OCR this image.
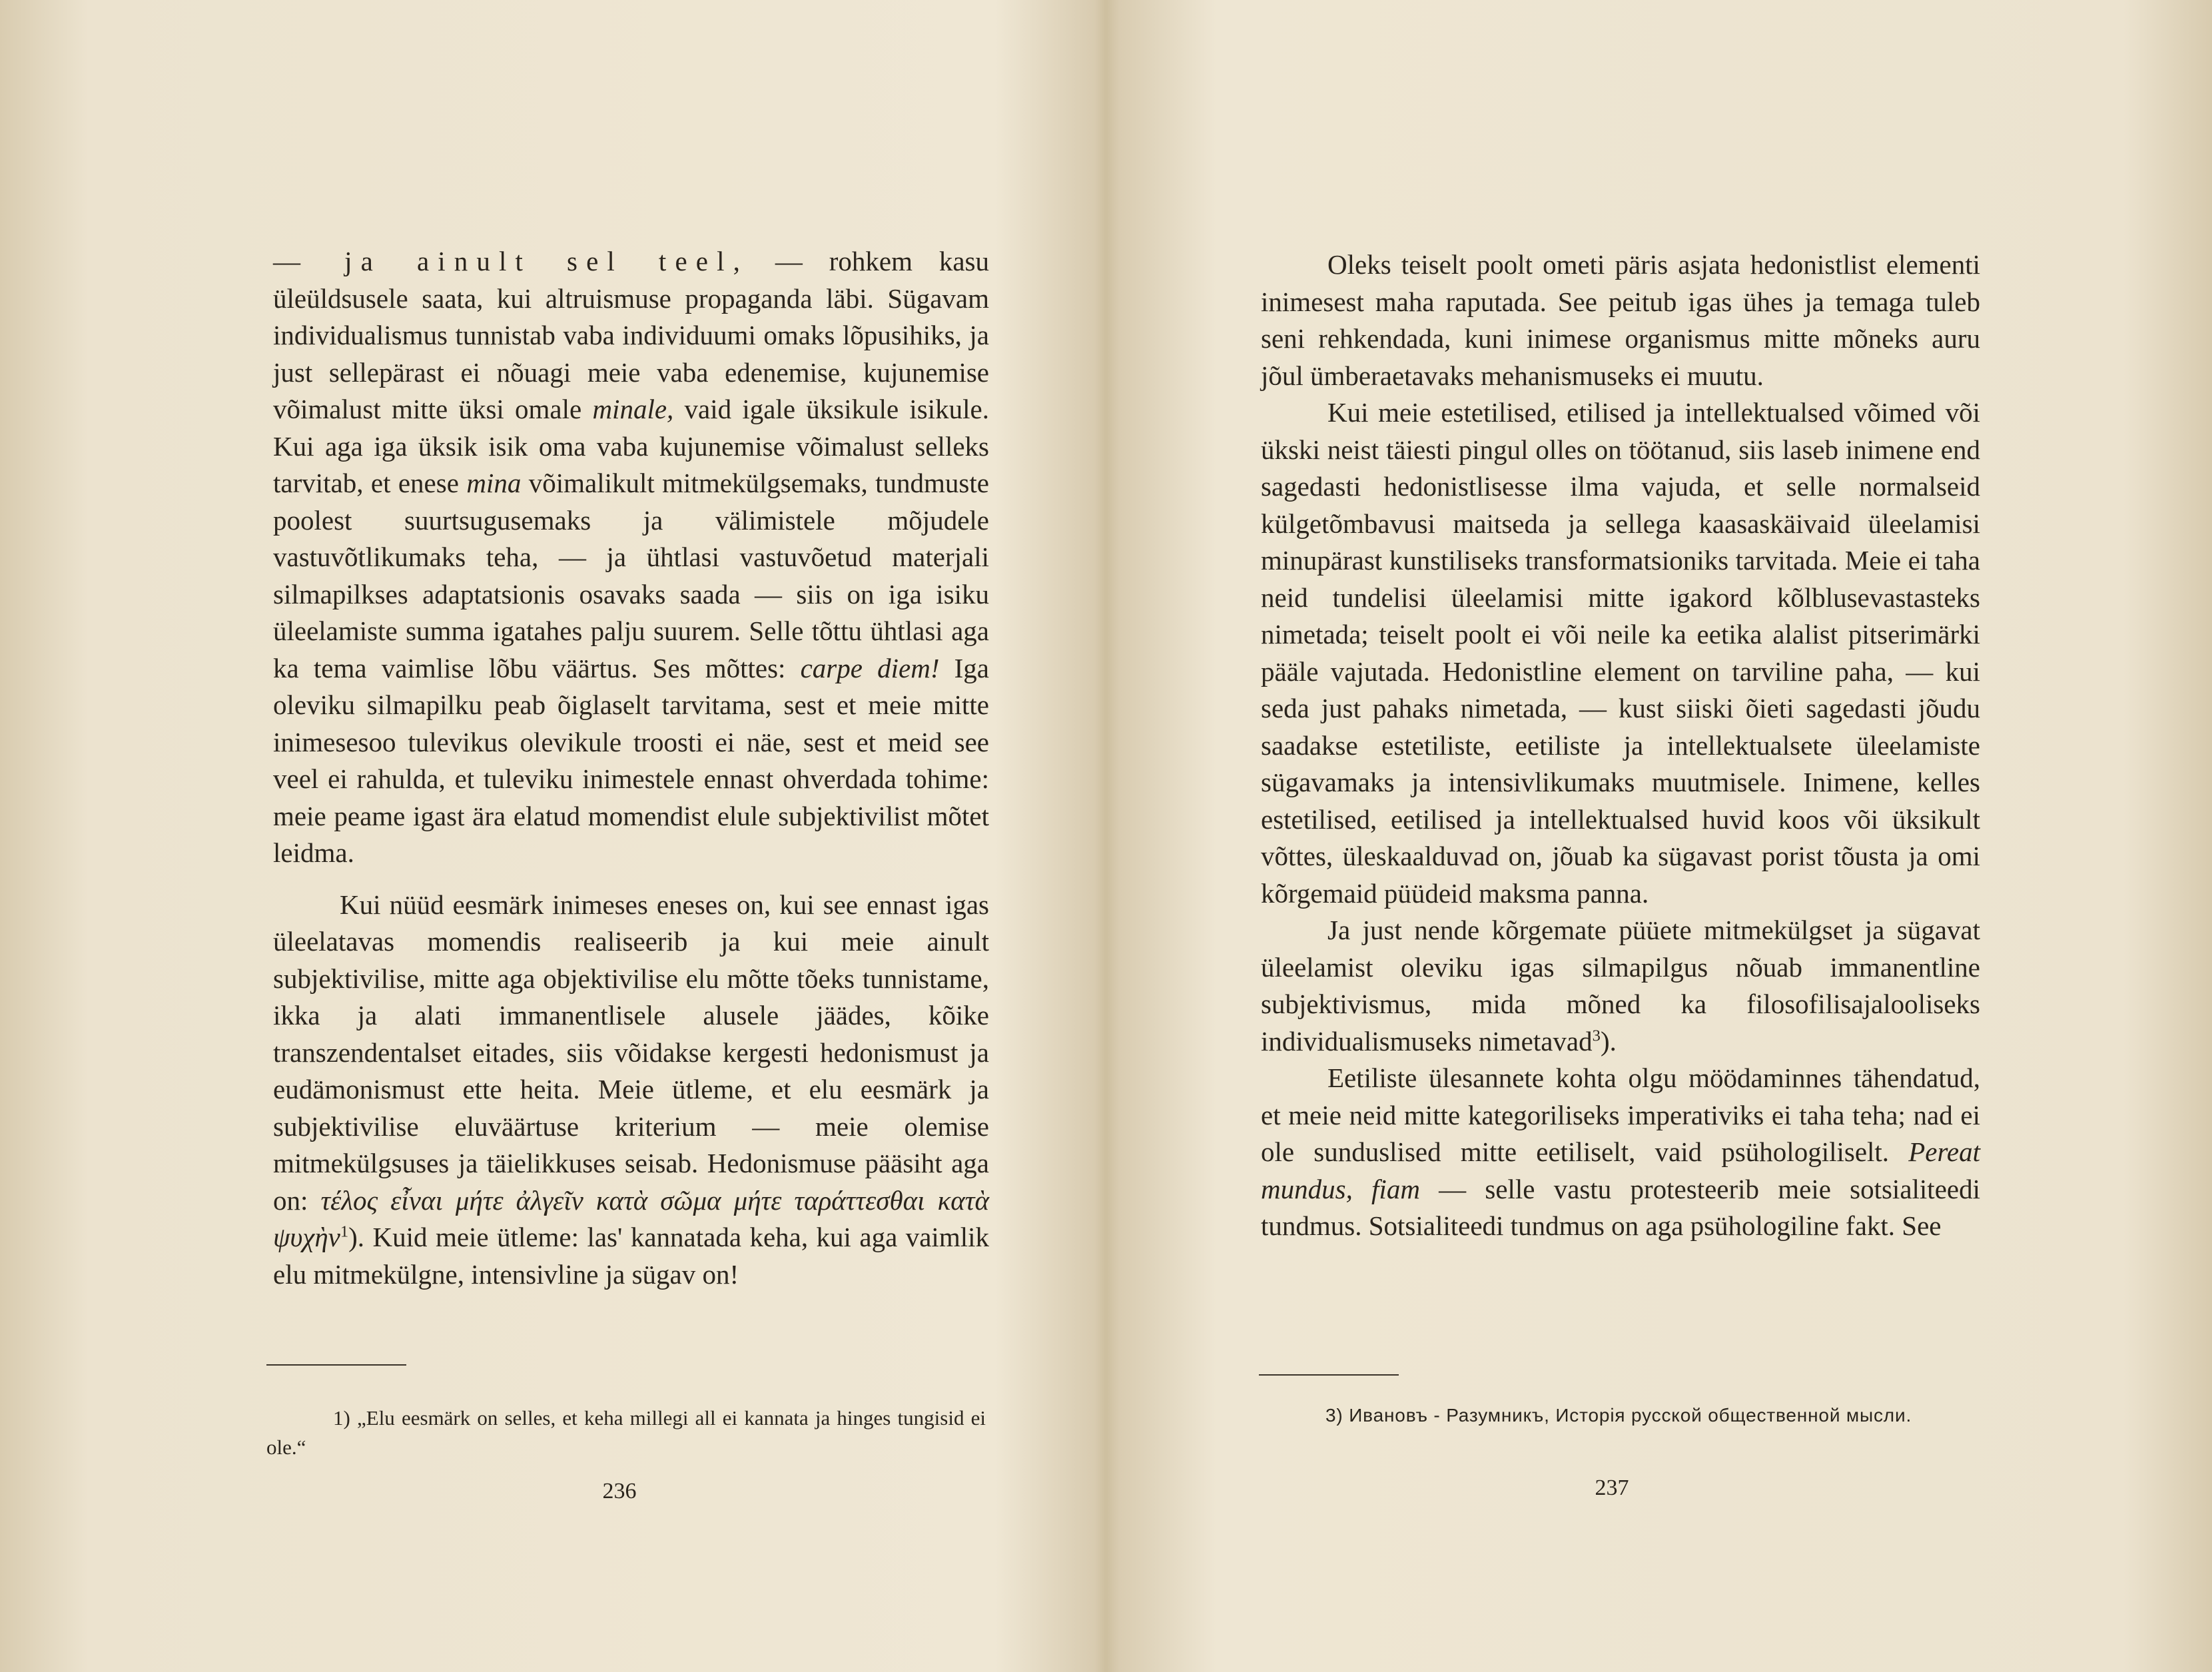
— ja ainult sel teel, — rohkem kasu üleüldsusele saata, kui altruismuse propaganda läbi. Sügavam individualismus tunnistab vaba individuumi omaks lõpusihiks, ja just sellepärast ei nõuagi meie vaba edenemise, kujunemise võimalust mitte üksi omale minale, vaid igale üksikule isikule. Kui aga iga üksik isik oma vaba kujunemise võimalust selleks tarvitab, et enese mina võimalikult mitmekülgsemaks, tundmuste poolest suurtsugusemaks ja välimistele mõjudele vastuvõtlikumaks teha, — ja ühtlasi vastuvõetud materjali silmapilkses adaptatsionis osavaks saada — siis on iga isiku üleelamiste summa igatahes palju suurem. Selle tõttu ühtlasi aga ka tema vaimlise lõbu väärtus. Ses mõttes: carpe diem! Iga oleviku silmapilku peab õiglaselt tarvitama, sest et meie mitte inimesesoo tulevikus olevikule troosti ei näe, sest et meid see veel ei rahulda, et tuleviku inimestele ennast ohverdada tohime: meie peame igast ära elatud momendist elule subjektivilist mõtet leidma.

Kui nüüd eesmärk inimeses eneses on, kui see ennast igas üleelatavas momendis realiseerib ja kui meie ainult subjektivilise, mitte aga objektivilise elu mõtte tõeks tunnistame, ikka ja alati immanentlisele alusele jäädes, kõike transzendentalset eitades, siis võidakse kergesti hedonismust ja eudämonismust ette heita. Meie ütleme, et elu eesmärk ja subjektivilise eluväärtuse kriterium — meie olemise mitmekülgsuses ja täielikkuses seisab. Hedonismuse pääsiht aga on: τέλος εἶναι μήτε ἀλγεῖν κατὰ σῶμα μήτε ταράττεσθαι κατὰ ψυχὴν$^1$). Kuid meie ütleme: las' kannatada keha, kui aga vaimlik elu mitmekülgne, intensivline ja sügav on!

1) „Elu eesmärk on selles, et keha millegi all ei kannata ja hinges tungisid ei ole.“

236

Oleks teiselt poolt ometi päris asjata hedonistlist elementi inimesest maha raputada. See peitub igas ühes ja temaga tuleb seni rehkendada, kuni inimese organismus mitte mõneks auru jõul ümberaetavaks mehanismuseks ei muutu.

Kui meie estetilised, etilised ja intellektualsed võimed või ükski neist täiesti pingul olles on töötanud, siis laseb inimene end sagedasti hedonistlisesse ilma vajuda, et selle normalseid külgetõmbavusi maitseda ja sellega kaasaskäivaid üleelamisi minupärast kunstiliseks transformatsioniks tarvitada. Meie ei taha neid tundelisi üleelamisi mitte igakord kõlblusevastasteks nimetada; teiselt poolt ei või neile ka eetika alalist pitserimärki pääle vajutada. Hedonistline element on tarviline paha, — kui seda just pahaks nimetada, — kust siiski õieti sagedasti jõudu saadakse estetiliste, eetiliste ja intellektualsete üleelamiste sügavamaks ja intensivlikumaks muutmisele. Inimene, kelles estetilised, eetilised ja intellektualsed huvid koos või üksikult võttes, üleskaalduvad on, jõuab ka sügavast porist tõusta ja omi kõrgemaid püüdeid maksma panna.

Ja just nende kõrgemate püüete mitmekülgset ja sügavat üleelamist oleviku igas silmapilgus nõuab immanentline subjektivismus, mida mõned ka filosofilisajalooliseks individualismuseks nimetavad$^3$).

Eetiliste ülesannete kohta olgu möödaminnes tähendatud, et meie neid mitte kategoriliseks imperativiks ei taha teha; nad ei ole sunduslised mitte eetiliselt, vaid psühologiliselt. Pereat mundus, fiam — selle vastu protesteerib meie sotsialiteedi tundmus. Sotsialiteedi tundmus on aga psühologiline fakt. See

3) Ивановъ - Разумникъ, Исторія русской общественной мысли.

237
